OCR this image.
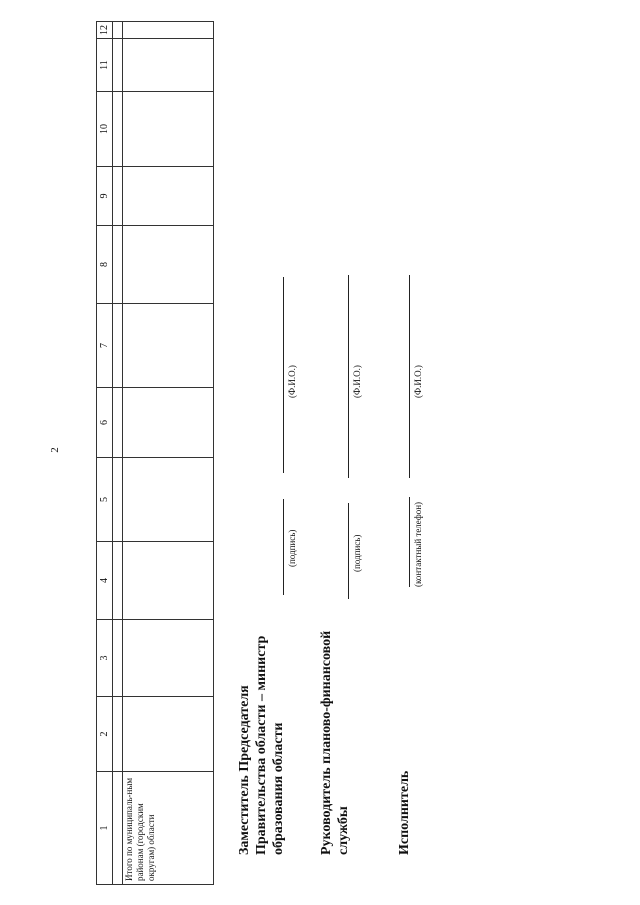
2
1
2
3
4
5
6
7
8
9
10
11
12
Итого по муниципаль-ным районам (городским округам) области	Заместитель Председателя Правительства области – министр образования области
(подпись)
(Ф.И.О.)
Руководитель планово-финансовой службы
(подпись)
(Ф.И.О.)
Исполнитель
(контактный телефон)
(Ф.И.О.)
